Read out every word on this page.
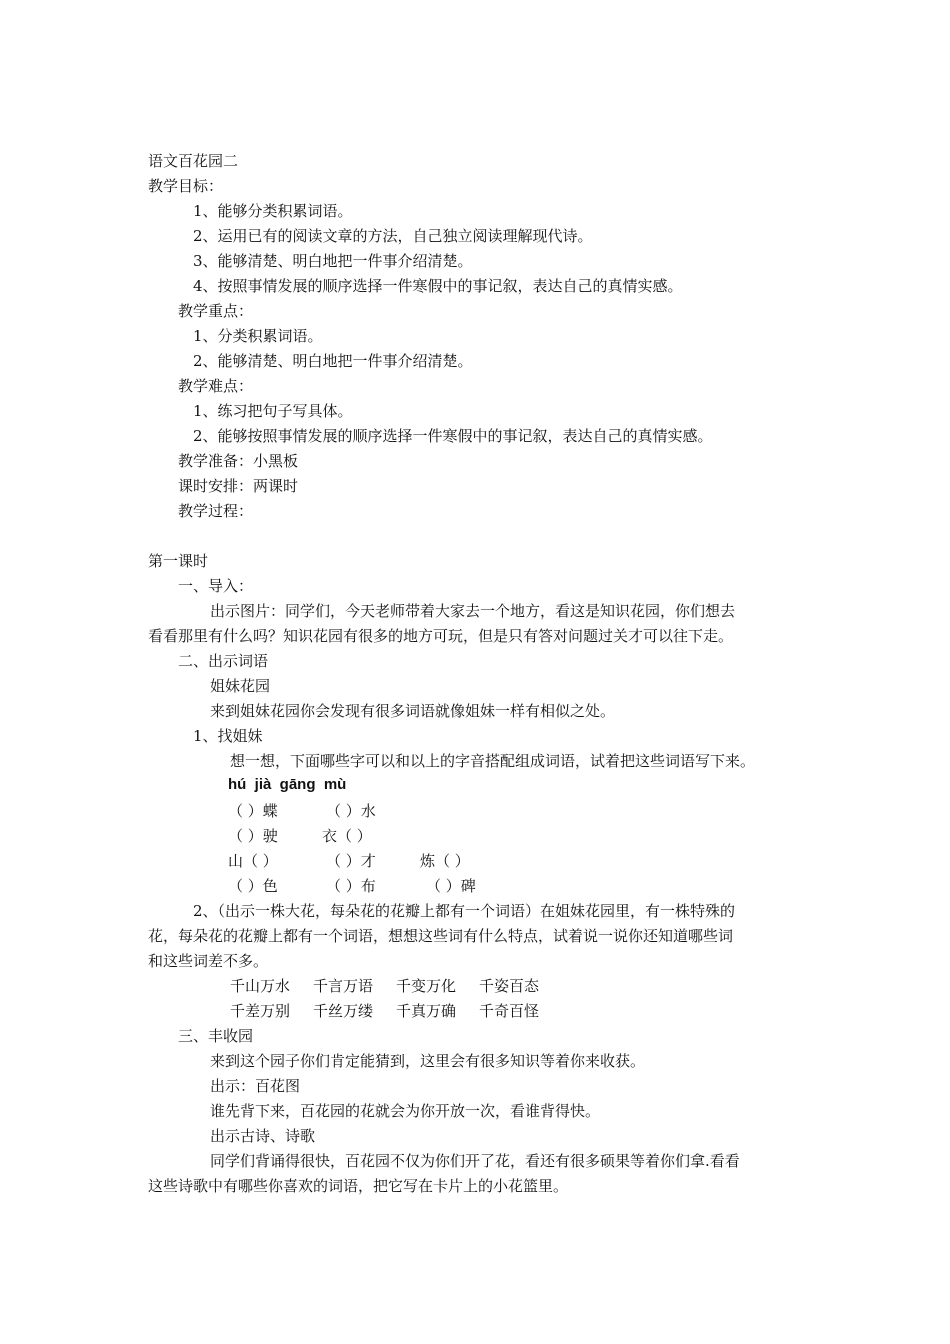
语文百花园二
教学目标：
1、能够分类积累词语。
2、运用已有的阅读文章的方法，自己独立阅读理解现代诗。
3、能够清楚、明白地把一件事介绍清楚。
4、按照事情发展的顺序选择一件寒假中的事记叙，表达自己的真情实感。
教学重点：
1、分类积累词语。
2、能够清楚、明白地把一件事介绍清楚。
教学难点：
1、练习把句子写具体。
2、能够按照事情发展的顺序选择一件寒假中的事记叙，表达自己的真情实感。
教学准备：小黑板
课时安排：两课时
教学过程：
第一课时
一、导入：
出示图片：同学们，今天老师带着大家去一个地方，看这是知识花园，你们想去
看看那里有什么吗？知识花园有很多的地方可玩，但是只有答对问题过关才可以往下走。
二、出示词语
姐妹花园
来到姐妹花园你会发现有很多词语就像姐妹一样有相似之处。
1、找姐妹
想一想，下面哪些字可以和以上的字音搭配组成词语，试着把这些词语写下来。
hú  jià  gāng  mù
（ ）蝶	（ ）水
（ ）驶	衣（ ）
山（ ）	（ ）才	炼（ ）
（ ）色	（ ）布	（ ）碑
2、（出示一株大花，每朵花的花瓣上都有一个词语）在姐妹花园里，有一株特殊的
花，每朵花的花瓣上都有一个词语，想想这些词有什么特点，试着说一说你还知道哪些词
和这些词差不多。
千山万水 千言万语 千变万化 千姿百态
千差万别 千丝万缕 千真万确 千奇百怪
三、丰收园
来到这个园子你们肯定能猜到，这里会有很多知识等着你来收获。
出示：百花图
谁先背下来，百花园的花就会为你开放一次，看谁背得快。
出示古诗、诗歌
同学们背诵得很快，百花园不仅为你们开了花，看还有很多硕果等着你们拿.看看
这些诗歌中有哪些你喜欢的词语，把它写在卡片上的小花篮里。
